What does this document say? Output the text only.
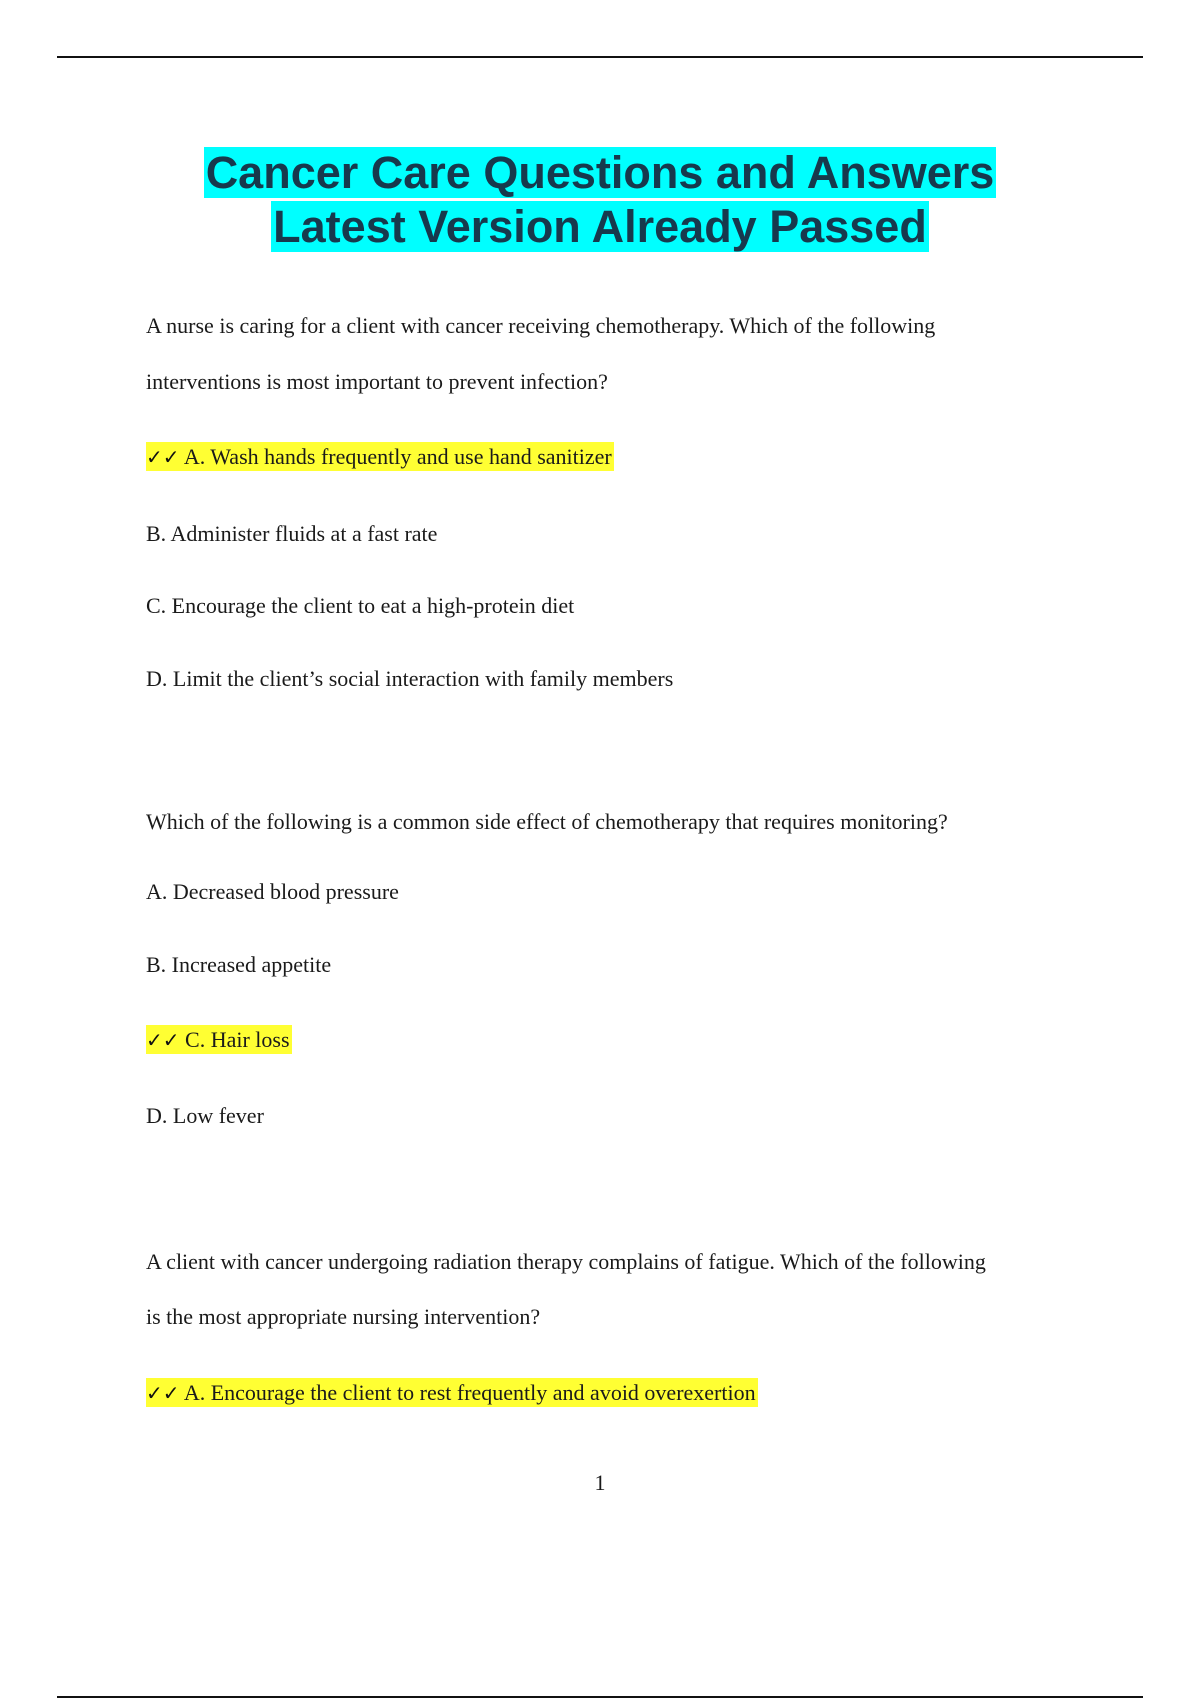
Cancer Care Questions and Answers
Latest Version Already Passed
A nurse is caring for a client with cancer receiving chemotherapy. Which of the following
interventions is most important to prevent infection?
✓✓ A. Wash hands frequently and use hand sanitizer
B. Administer fluids at a fast rate
C. Encourage the client to eat a high-protein diet
D. Limit the client’s social interaction with family members
Which of the following is a common side effect of chemotherapy that requires monitoring?
A. Decreased blood pressure
B. Increased appetite
✓✓ C. Hair loss
D. Low fever
A client with cancer undergoing radiation therapy complains of fatigue. Which of the following
is the most appropriate nursing intervention?
✓✓ A. Encourage the client to rest frequently and avoid overexertion
1
